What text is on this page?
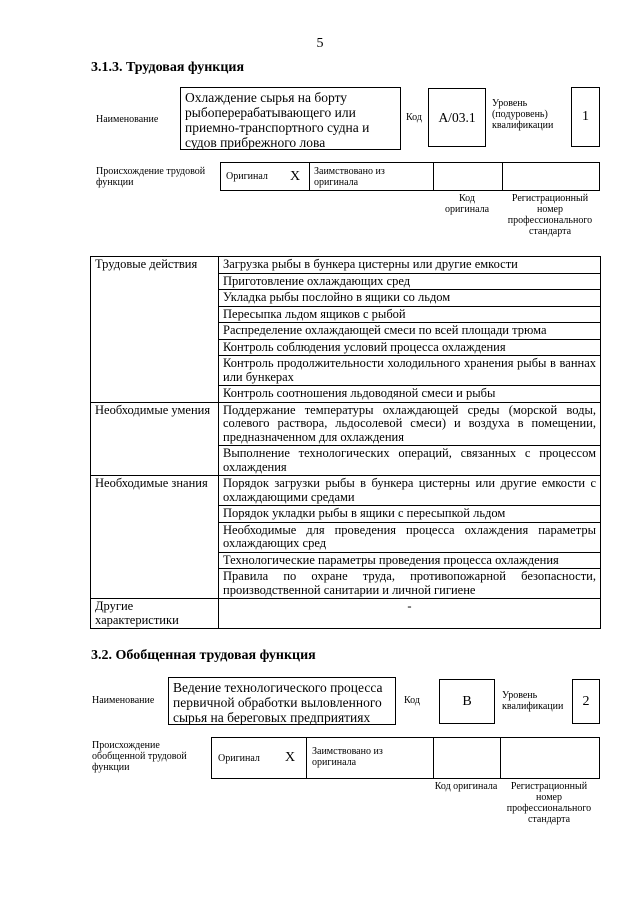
5
3.1.3. Трудовая функция
Наименование
Охлаждение сырья на борту рыбоперерабатывающего или приемно-транспортного судна и судов прибрежного лова
Код	A/03.1
Уровень (подуровень) квалификации
1
Происхождение трудовой функции
Оригинал	X	Заимствовано из оригинала
Код оригинала
Регистрационный номер профессионального стандарта
Трудовые действия	Загрузка рыбы в бункера цистерны или другие емкости
	Приготовление охлаждающих сред
	Укладка рыбы послойно в ящики со льдом
	Пересыпка льдом ящиков с рыбой
	Распределение охлаждающей смеси по всей площади трюма
	Контроль соблюдения условий процесса охлаждения
	Контроль продолжительности холодильного хранения рыбы в ваннах или бункерах
	Контроль соотношения льдоводяной смеси и рыбы
Необходимые умения	Поддержание температуры охлаждающей среды (морской воды, солевого раствора, льдосолевой смеси) и воздуха в помещении, предназначенном для охлаждения
	Выполнение технологических операций, связанных с процессом охлаждения
Необходимые знания	Порядок загрузки рыбы в бункера цистерны или другие емкости с охлаждающими средами
	Порядок укладки рыбы в ящики с пересыпкой льдом
	Необходимые для проведения процесса охлаждения параметры охлаждающих сред
	Технологические параметры проведения процесса охлаждения
	Правила по охране труда, противопожарной безопасности, производственной санитарии и личной гигиене
Другие характеристики	-
3.2. Обобщенная трудовая функция
Наименование
Ведение технологического процесса первичной обработки выловленного сырья на береговых предприятиях
Код	B	Уровень квалификации	2
Происхождение обобщенной трудовой функции
Оригинал	X	Заимствовано из оригинала
Код оригинала	Регистрационный номер профессионального стандарта
